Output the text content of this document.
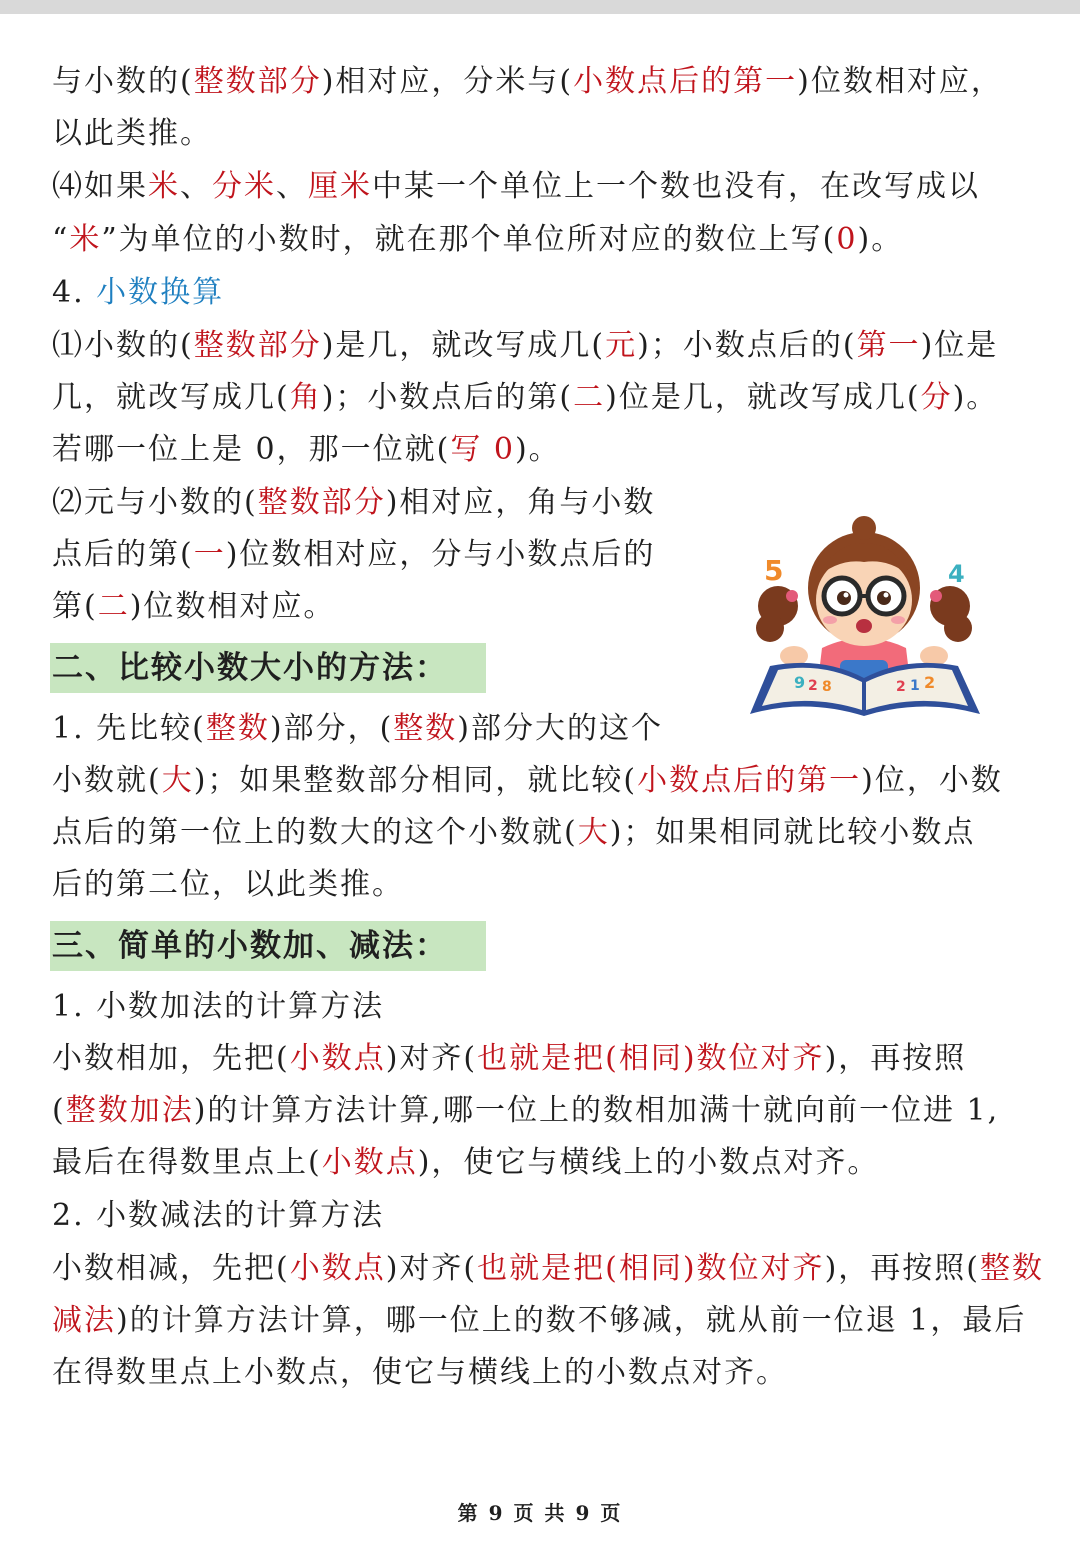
与小数的(整数部分)相对应，分米与(小数点后的第一)位数相对应，
以此类推。
⑷如果米、分米、厘米中某一个单位上一个数也没有，在改写成以
“米”为单位的小数时，就在那个单位所对应的数位上写(0)。
4. 小数换算
⑴小数的(整数部分)是几，就改写成几(元)；小数点后的(第一)位是
几，就改写成几(角)；小数点后的第(二)位是几，就改写成几(分)。
若哪一位上是 0，那一位就(写 0)。
⑵元与小数的(整数部分)相对应，角与小数
点后的第(一)位数相对应，分与小数点后的
第(二)位数相对应。
二、比较小数大小的方法：
1. 先比较(整数)部分，(整数)部分大的这个
小数就(大)；如果整数部分相同，就比较(小数点后的第一)位，小数
点后的第一位上的数大的这个小数就(大)；如果相同就比较小数点
后的第二位，以此类推。
三、简单的小数加、减法：
1. 小数加法的计算方法
小数相加，先把(小数点)对齐(也就是把(相同)数位对齐)，再按照
(整数加法)的计算方法计算,哪一位上的数相加满十就向前一位进 1,
最后在得数里点上(小数点)，使它与横线上的小数点对齐。
2. 小数减法的计算方法
小数相减，先把(小数点)对齐(也就是把(相同)数位对齐)，再按照(整数
减法)的计算方法计算，哪一位上的数不够减，就从前一位退 1，最后
在得数里点上小数点，使它与横线上的小数点对齐。
5	4
9 2 8	2 1 2
第 9 页 共 9 页
